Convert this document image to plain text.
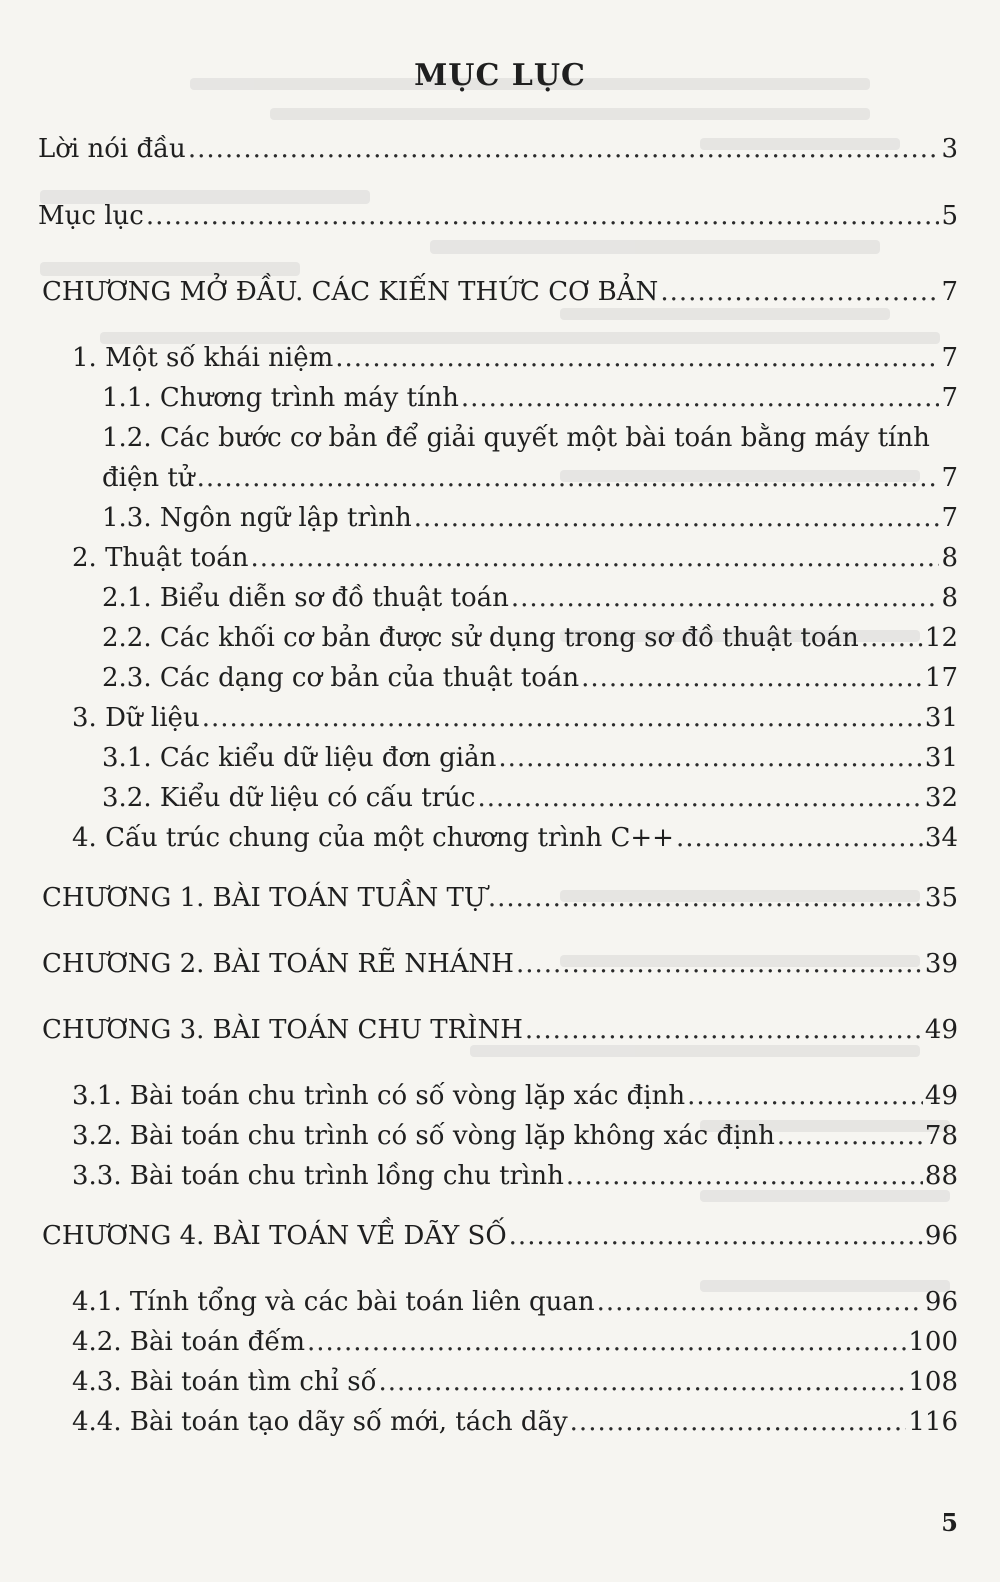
MỤC LỤC
Lời nói đầu .....	3
Mục lục .....	5
CHƯƠNG MỞ ĐẦU. CÁC KIẾN THỨC CƠ BẢN .....	7
1. Một số khái niệm .....	7
1.1. Chương trình máy tính .....	7
1.2. Các bước cơ bản để giải quyết một bài toán bằng máy tính
điện tử .....	7
1.3. Ngôn ngữ lập trình .....	7
2. Thuật toán .....	8
2.1. Biểu diễn sơ đồ thuật toán .....	8
2.2. Các khối cơ bản được sử dụng trong sơ đồ thuật toán .....	12
2.3. Các dạng cơ bản của thuật toán .....	17
3. Dữ liệu .....	31
3.1. Các kiểu dữ liệu đơn giản .....	31
3.2. Kiểu dữ liệu có cấu trúc .....	32
4. Cấu trúc chung của một chương trình C++ .....	34
CHƯƠNG 1. BÀI TOÁN TUẦN TỰ .....	35
CHƯƠNG 2. BÀI TOÁN RẼ NHÁNH .....	39
CHƯƠNG 3. BÀI TOÁN CHU TRÌNH .....	49
3.1. Bài toán chu trình có số vòng lặp xác định .....	49
3.2. Bài toán chu trình có số vòng lặp không xác định .....	78
3.3. Bài toán chu trình lồng chu trình .....	88
CHƯƠNG 4. BÀI TOÁN VỀ DÃY SỐ .....	96
4.1. Tính tổng và các bài toán liên quan .....	96
4.2. Bài toán đếm .....	100
4.3. Bài toán tìm chỉ số .....	108
4.4. Bài toán tạo dãy số mới, tách dãy .....	116
5
